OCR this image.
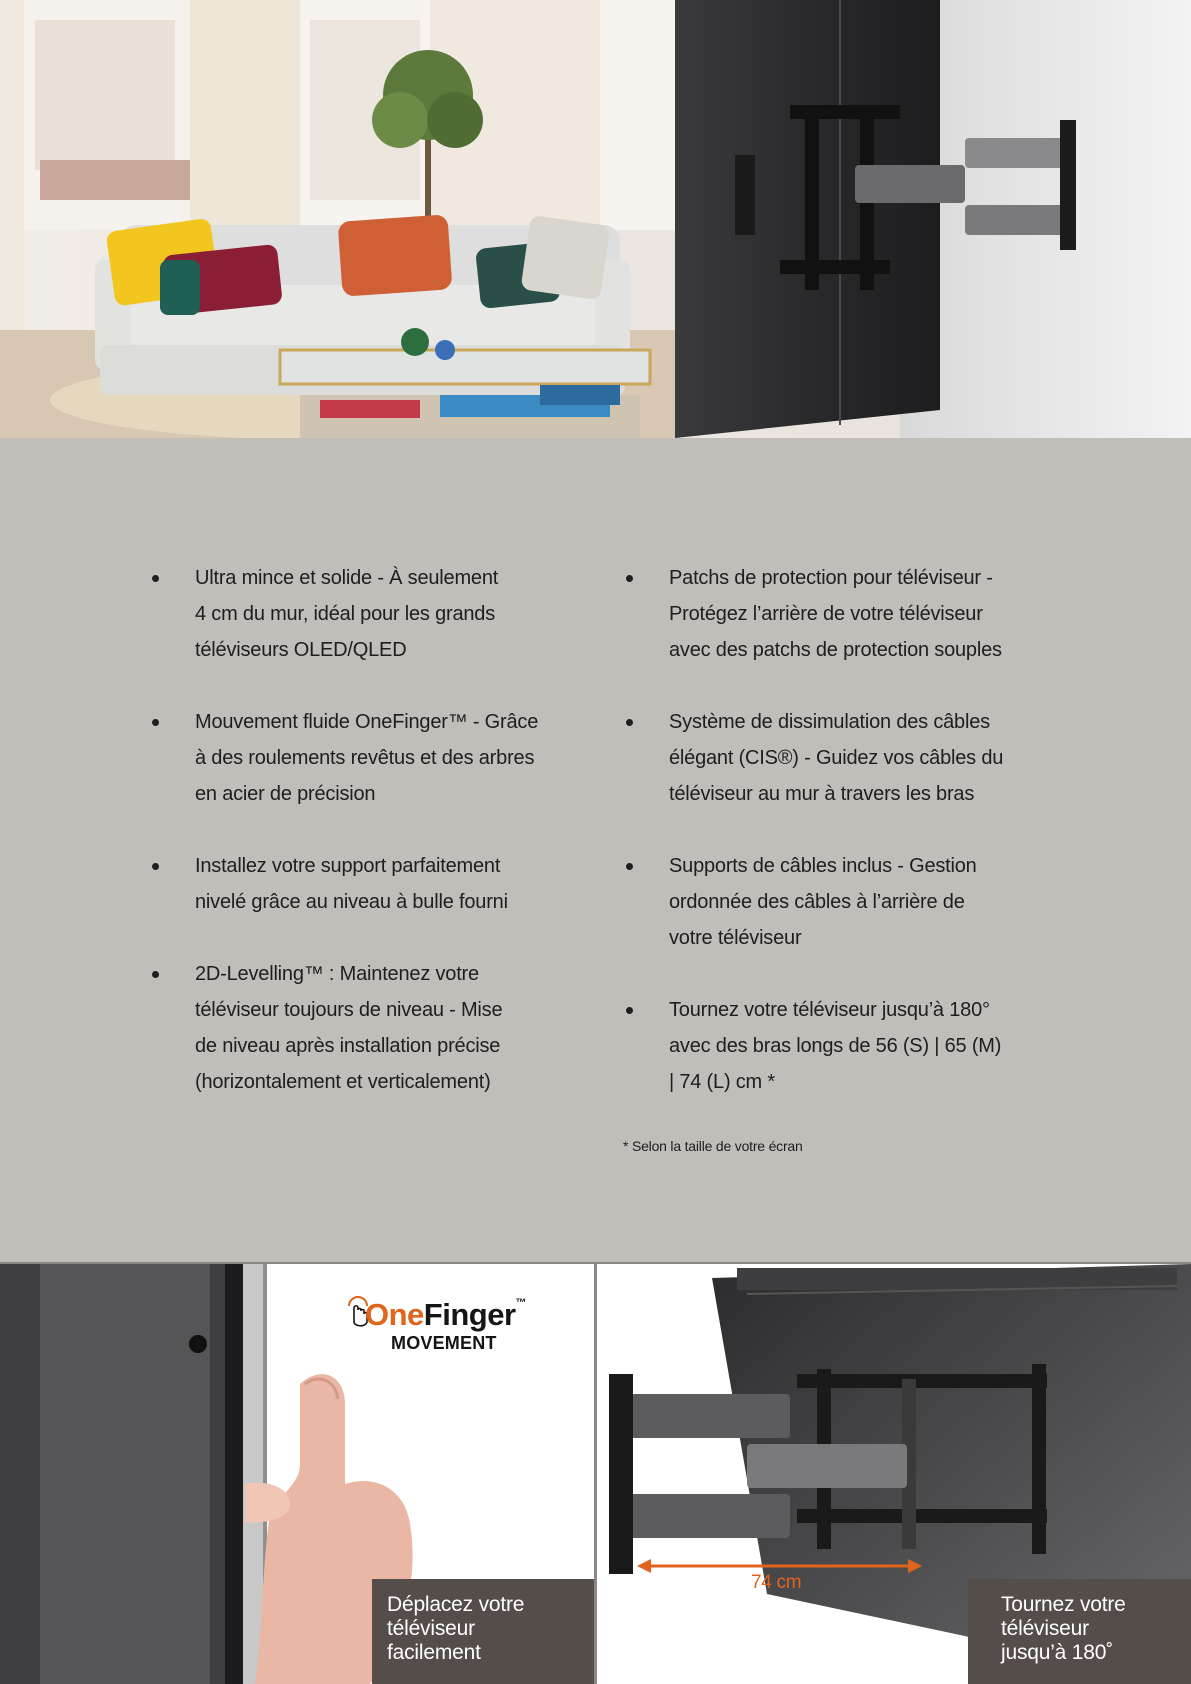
Ultra mince et solide - À seulement
4 cm du mur, idéal pour les grands
téléviseurs OLED/QLED
Mouvement fluide OneFinger™ - Grâce
à des roulements revêtus et des arbres
en acier de précision
Installez votre support parfaitement
nivelé grâce au niveau à bulle fourni
2D-Levelling™ : Maintenez votre
téléviseur toujours de niveau - Mise
de niveau après installation précise
(horizontalement et verticalement)
Patchs de protection pour téléviseur -
Protégez l’arrière de votre téléviseur
avec des patchs de protection souples
Système de dissimulation des câbles
élégant (CIS®) - Guidez vos câbles du
téléviseur au mur à travers les bras
Supports de câbles inclus - Gestion
ordonnée des câbles à l’arrière de
votre téléviseur
Tournez votre téléviseur jusqu’à 180°
avec des bras longs de 56 (S) | 65 (M)
| 74 (L) cm *
* Selon la taille de votre écran
OneFinger™
MOVEMENT
74 cm
Déplacez votre
téléviseur
facilement
Tournez votre
téléviseur
jusqu’à 180˚
